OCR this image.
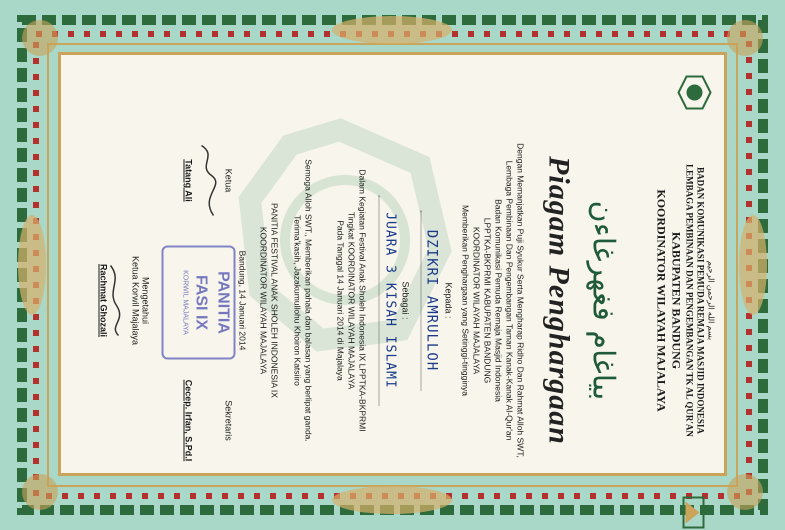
بسم الله الرحمن الرحيم
BADAN KOMUNIKASI PEMUDA REMAJA MASJID INDONESIA
LEMBAGA PEMBINAAN DAN PENGEMBANGAN TK AL QUR'AN
KABUPATEN BANDUNG
KOORDINATOR WILAYAH MAJALAYA
بياغام فغهرغاءن
Piagam Penghargaan
Dengan Memanjatkan Puji Syukur Serta Mengharap Ridho Dan Rahmat Alloh SWT,
Lembaga Pembinaan Dan Pengembangan Taman Kanak-Kanak Al-Qur'an
Badan Komunikasi Pemuda Remaja Masjid Indonesia
LPPTKA-BKPRMI KABUPATEN BANDUNG
KOORDINATOR WILAYAH MAJALAYA
Memberikan Penghargaan yang Setinggi-tingginya
Kepada :
DZIKRI AMRULLOH
Sebagai :
JUARA 3 KISAH ISLAMI
Dalam Kegiatan Festival Anak Sholeh Indonesia IX LPPTKA-BKPRMI
Tingkat KOORDINATOR WILAYAH MAJALAYA
Pada Tanggal 14 Januari 2014 di Majalaya
Semoga Alloh SWT., Memberikan pahala dan balasan yang berlipat ganda.
Terima'kasih, Jazakumullohu Khoiron Katsiiro
PANITIA FESTIVAL ANAK SHOLEH INDONESIA IX
KOORDINATOR WILAYAH MAJALAYA
Bandung, 14 Januari 2014
Ketua
Tatang Ali
Sekretaris
Cecep. Irfan, S.Pd.I
PANITIA
FASI IX
KORWIL MAJALAYA
Mengetahui
Ketua Korwil Majalaya
Rachmat Ghozali
